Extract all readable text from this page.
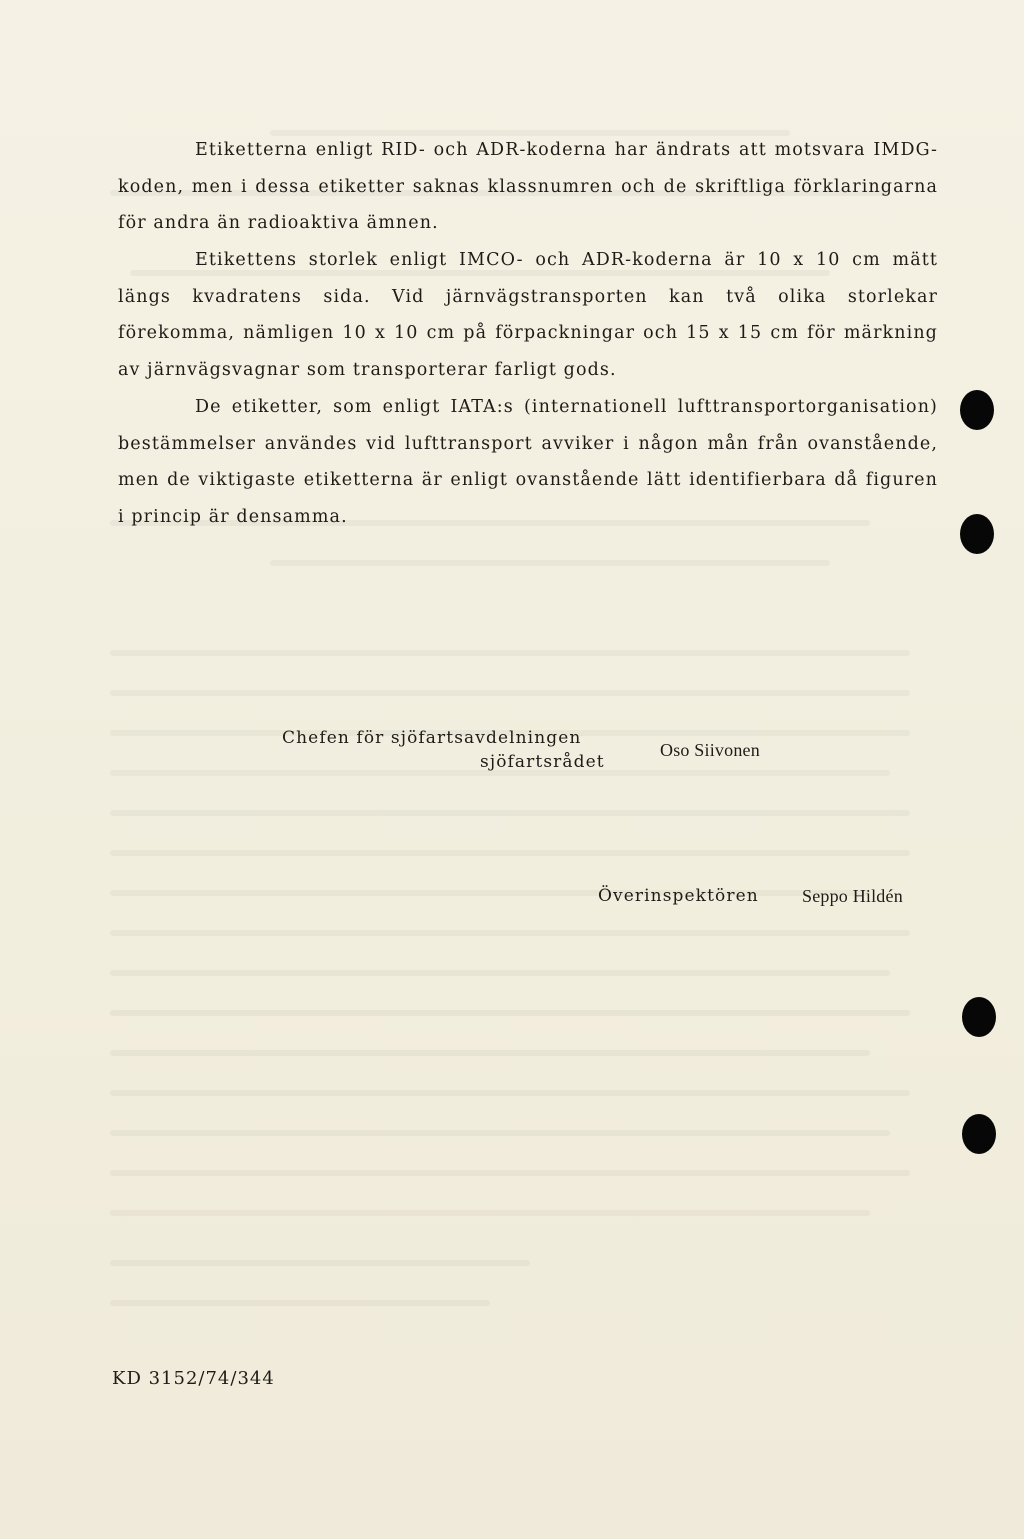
Etiketterna enligt RID- och ADR-koderna har ändrats att motsvara IMDG-koden, men i dessa etiketter saknas klassnumren och de skriftliga förklaringarna för andra än radioaktiva ämnen.

Etikettens storlek enligt IMCO- och ADR-koderna är 10 x 10 cm mätt längs kvadratens sida. Vid järnvägstransporten kan två olika storlekar förekomma, nämligen 10 x 10 cm på förpackningar och 15 x 15 cm för märkning av järnvägsvagnar som transporterar farligt gods.

De etiketter, som enligt IATA:s (internationell lufttransportorganisation) bestämmelser användes vid lufttransport avviker i någon mån från ovanstående, men de viktigaste etiketterna är enligt ovanstående lätt identifierbara då figuren i princip är densamma.

Chefen för sjöfartsavdelningen
sjöfartsrådet
Oso Siivonen
Överinspektören Seppo Hildén
KD 3152/74/344
